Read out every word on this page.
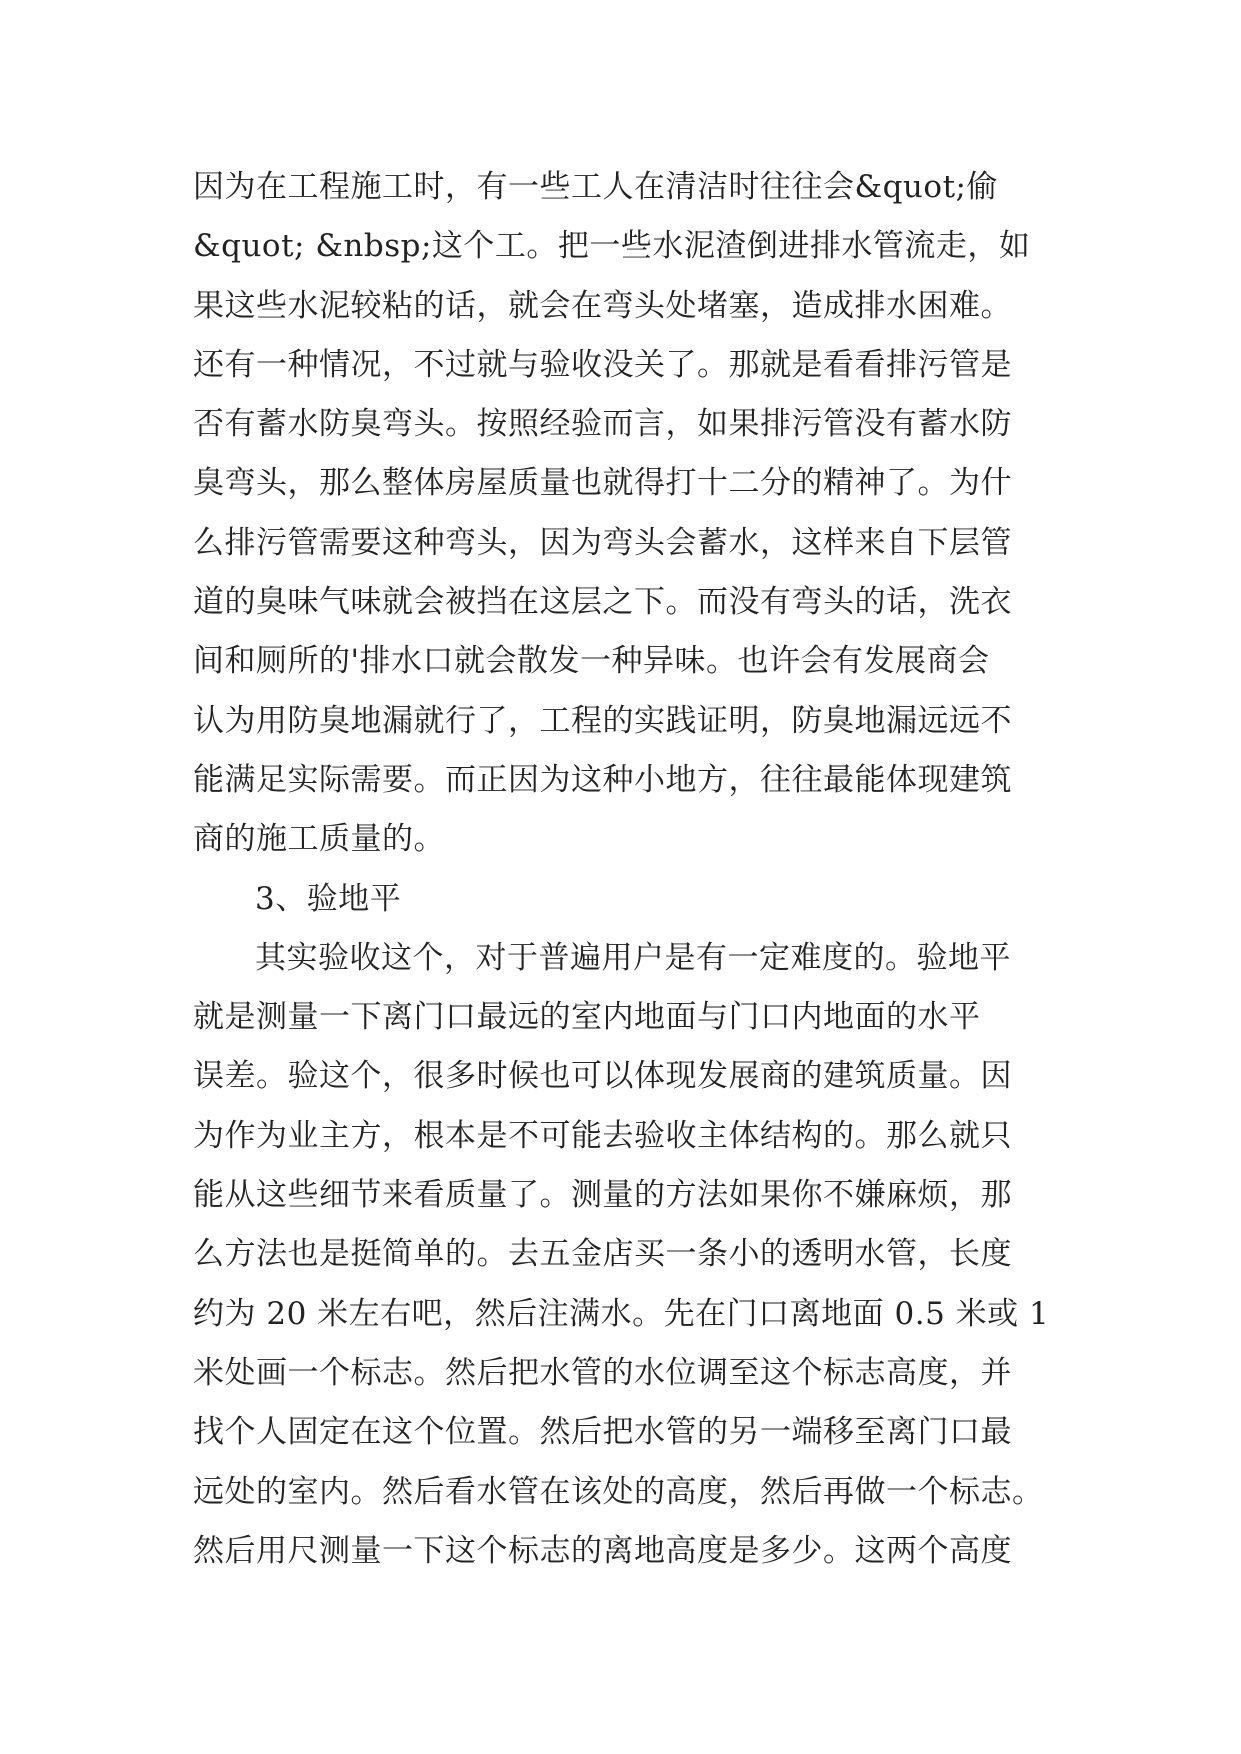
因为在工程施工时，有一些工人在清洁时往往会&quot;偷
&quot; &nbsp;这个工。把一些水泥渣倒进排水管流走，如
果这些水泥较粘的话，就会在弯头处堵塞，造成排水困难。
还有一种情况，不过就与验收没关了。那就是看看排污管是
否有蓄水防臭弯头。按照经验而言，如果排污管没有蓄水防
臭弯头，那么整体房屋质量也就得打十二分的精神了。为什
么排污管需要这种弯头，因为弯头会蓄水，这样来自下层管
道的臭味气味就会被挡在这层之下。而没有弯头的话，洗衣
间和厕所的'排水口就会散发一种异味。也许会有发展商会
认为用防臭地漏就行了，工程的实践证明，防臭地漏远远不
能满足实际需要。而正因为这种小地方，往往最能体现建筑
商的施工质量的。
3、验地平
其实验收这个，对于普遍用户是有一定难度的。验地平
就是测量一下离门口最远的室内地面与门口内地面的水平
误差。验这个，很多时候也可以体现发展商的建筑质量。因
为作为业主方，根本是不可能去验收主体结构的。那么就只
能从这些细节来看质量了。测量的方法如果你不嫌麻烦，那
么方法也是挺简单的。去五金店买一条小的透明水管，长度
约为 20 米左右吧，然后注满水。先在门口离地面 0.5 米或 1
米处画一个标志。然后把水管的水位调至这个标志高度，并
找个人固定在这个位置。然后把水管的另一端移至离门口最
远处的室内。然后看水管在该处的高度，然后再做一个标志。
然后用尺测量一下这个标志的离地高度是多少。这两个高度
